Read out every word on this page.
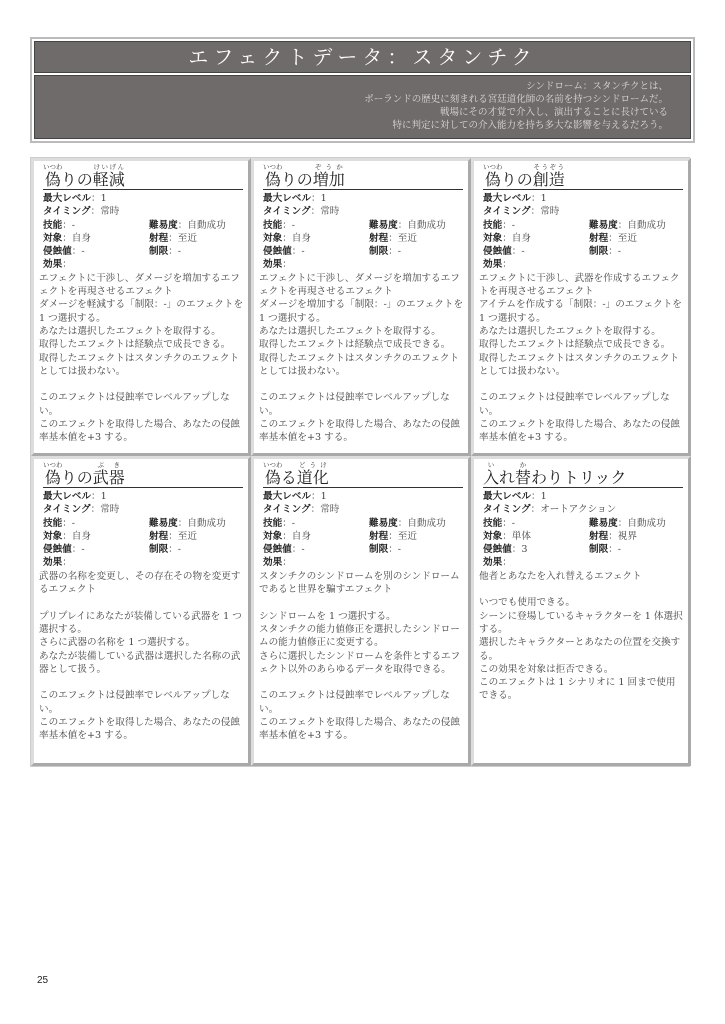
エフェクトデータ：スタンチク
シンドローム：スタンチクとは、
ポーランドの歴史に刻まれる宮廷道化師の名前を持つシンドロームだ。
戦場にその才覚で介入し、演出することに長けている
特に判定に対しての介入能力を持ち多大な影響を与えるだろう。
偽いつわりの軽減けいげん
最大レベル：1
タイミング：常時
技能：-	難易度：自動成功
対象：自身	射程：至近
侵蝕値：-	制限：-
効果：

エフェクトに干渉し、ダメージを増加するエフェクトを再現させるエフェクト

ダメージを軽減する「制限：-」のエフェクトを 1 つ選択する。

あなたは選択したエフェクトを取得する。

取得したエフェクトは経験点で成長できる。

取得したエフェクトはスタンチクのエフェクトとしては扱わない。

このエフェクトは侵蝕率でレベルアップしない。

このエフェクトを取得した場合、あなたの侵蝕率基本値を+3 する。

偽いつわりの増加ぞうか
最大レベル：1
タイミング：常時
技能：-	難易度：自動成功
対象：自身	射程：至近
侵蝕値：-	制限：-
効果：

エフェクトに干渉し、ダメージを増加するエフェクトを再現させるエフェクト

ダメージを増加する「制限：-」のエフェクトを 1 つ選択する。

あなたは選択したエフェクトを取得する。

取得したエフェクトは経験点で成長できる。

取得したエフェクトはスタンチクのエフェクトとしては扱わない。

このエフェクトは侵蝕率でレベルアップしない。

このエフェクトを取得した場合、あなたの侵蝕率基本値を+3 する。

偽いつわりの創造そうぞう
最大レベル：1
タイミング：常時
技能：-	難易度：自動成功
対象：自身	射程：至近
侵蝕値：-	制限：-
効果：

エフェクトに干渉し、武器を作成するエフェクトを再現させるエフェクト

アイテムを作成する「制限：-」のエフェクトを 1 つ選択する。

あなたは選択したエフェクトを取得する。

取得したエフェクトは経験点で成長できる。

取得したエフェクトはスタンチクのエフェクトとしては扱わない。

このエフェクトは侵蝕率でレベルアップしない。

このエフェクトを取得した場合、あなたの侵蝕率基本値を+3 する。

偽いつわりの武器ぶき
最大レベル：1
タイミング：常時
技能：-	難易度：自動成功
対象：自身	射程：至近
侵蝕値：-	制限：-
効果：

武器の名称を変更し、その存在その物を変更するエフェクト

プリプレイにあなたが装備している武器を 1 つ選択する。

さらに武器の名称を 1 つ選択する。

あなたが装備している武器は選択した名称の武器として扱う。

このエフェクトは侵蝕率でレベルアップしない。

このエフェクトを取得した場合、あなたの侵蝕率基本値を+3 する。

偽いつわる道化どうけ
最大レベル：1
タイミング：常時
技能：-	難易度：自動成功
対象：自身	射程：至近
侵蝕値：-	制限：-
効果：

スタンチクのシンドロームを別のシンドロームであると世界を騙すエフェクト

シンドロームを 1 つ選択する。

スタンチクの能力値修正を選択したシンドロームの能力値修正に変更する。

さらに選択したシンドロームを条件とするエフェクト以外のあらゆるデータを取得できる。

このエフェクトは侵蝕率でレベルアップしない。

このエフェクトを取得した場合、あなたの侵蝕率基本値を+3 する。

入いれ替かわりトリック
最大レベル：1
タイミング：オートアクション
技能：-	難易度：自動成功
対象：単体	射程：視界
侵蝕値：3	制限：-
効果：

他者とあなたを入れ替えるエフェクト

いつでも使用できる。

シーンに登場しているキャラクターを 1 体選択する。

選択したキャラクターとあなたの位置を交換する。

この効果を対象は拒否できる。

このエフェクトは 1 シナリオに 1 回まで使用できる。

25
